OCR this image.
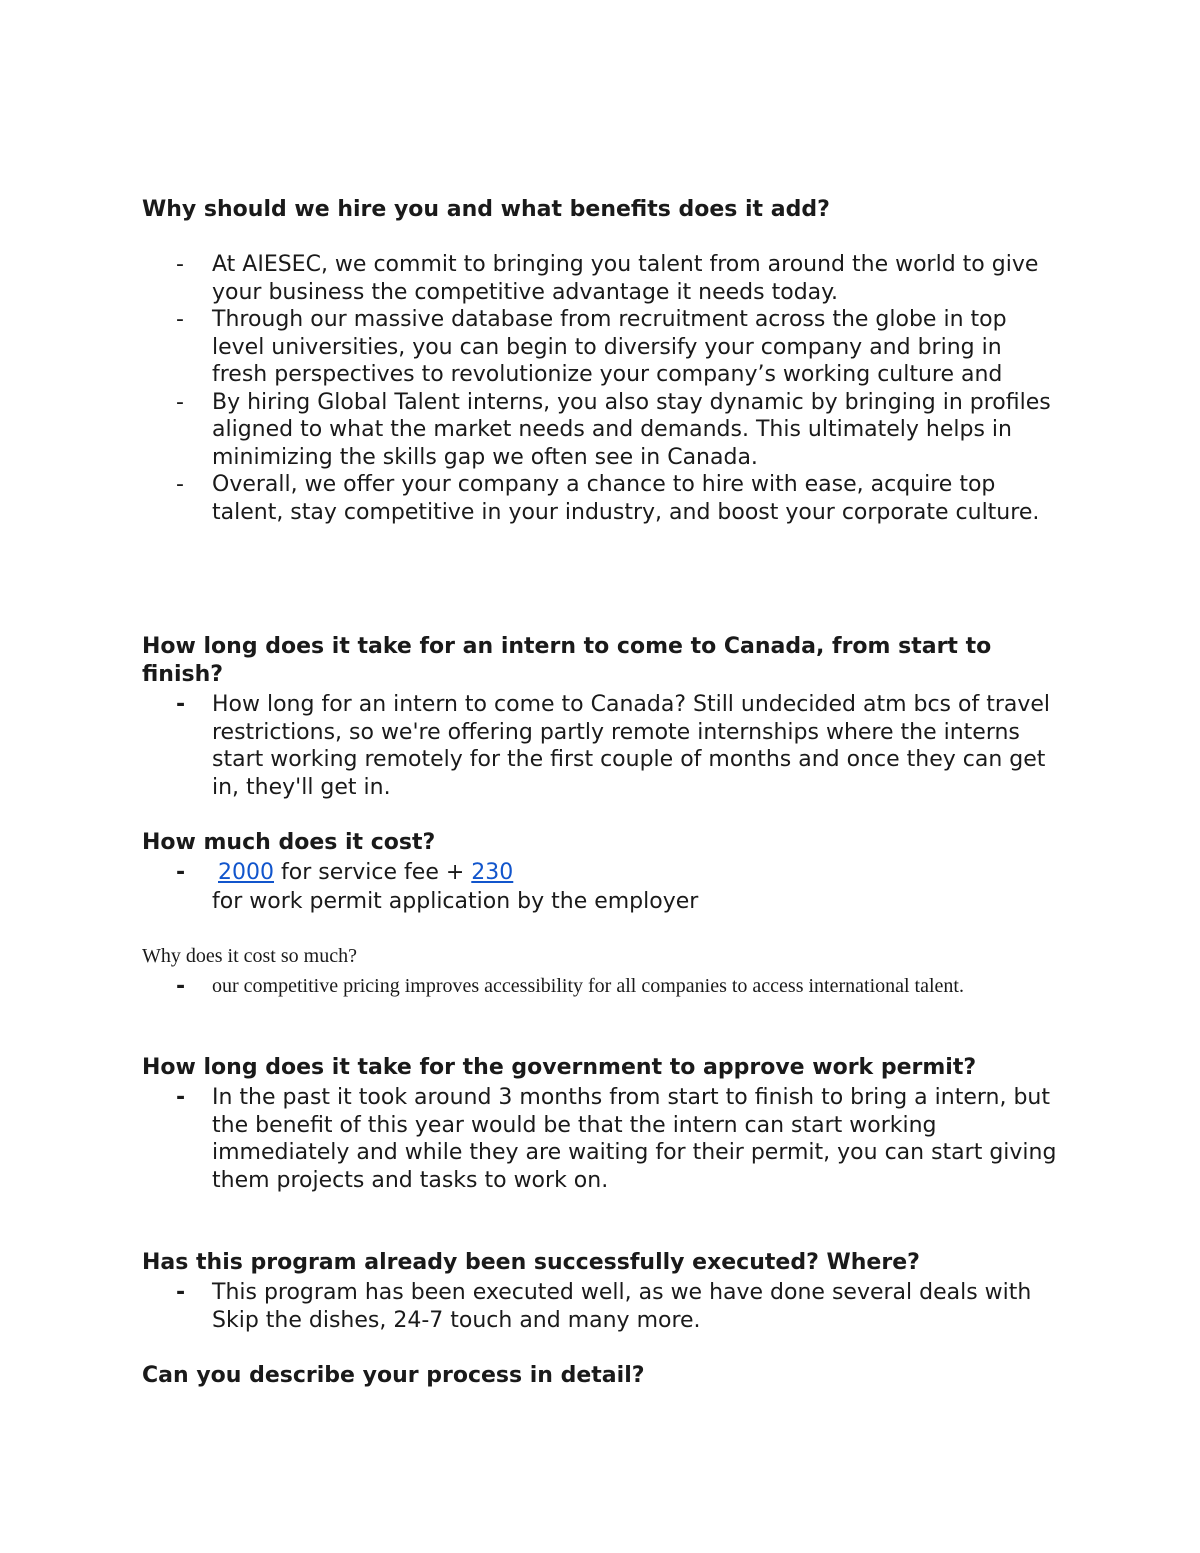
Why should we hire you and what benefits does it add?
- At AIESEC, we commit to bringing you talent from around the world to give your business the competitive advantage it needs today.
- Through our massive database from recruitment across the globe in top level universities, you can begin to diversify your company and bring in fresh perspectives to revolutionize your company’s working culture and
- By hiring Global Talent interns, you also stay dynamic by bringing in profiles aligned to what the market needs and demands. This ultimately helps in minimizing the skills gap we often see in Canada.
- Overall, we offer your company a chance to hire with ease, acquire top talent, stay competitive in your industry, and boost your corporate culture.
How long does it take for an intern to come to Canada, from start to finish?
- How long for an intern to come to Canada? Still undecided atm bcs of travel restrictions, so we're offering partly remote internships where the interns start working remotely for the first couple of months and once they can get in, they'll get in.
How much does it cost?
- 2000 for service fee + 230
for work permit application by the employer
Why does it cost so much?
- our competitive pricing improves accessibility for all companies to access international talent.
How long does it take for the government to approve work permit?
- In the past it took around 3 months from start to finish to bring a intern, but the benefit of this year would be that the intern can start working immediately and while they are waiting for their permit, you can start giving them projects and tasks to work on.
Has this program already been successfully executed? Where?
- This program has been executed well, as we have done several deals with Skip the dishes, 24-7 touch and many more.
Can you describe your process in detail?
